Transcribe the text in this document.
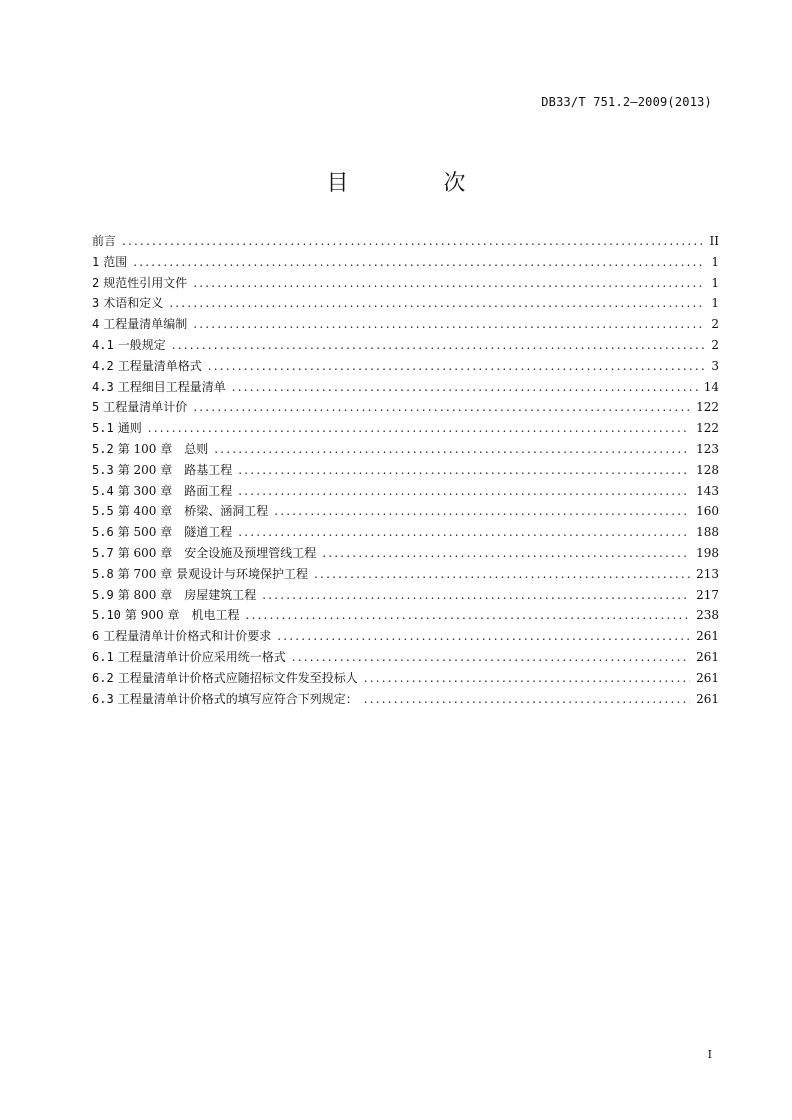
DB33/T 751.2—2009(2013)
目 次
前言 .....	II
1 范围 .....	1
2 规范性引用文件 .....	1
3 术语和定义 .....	1
4 工程量清单编制 .....	2
4.1 一般规定 .....	2
4.2 工程量清单格式 .....	3
4.3 工程细目工程量清单 .....	14
5 工程量清单计价 .....	122
5.1 通则 .....	122
5.2 第 100 章　总则 .....	123
5.3 第 200 章　路基工程 .....	128
5.4 第 300 章　路面工程 .....	143
5.5 第 400 章　桥梁、涵洞工程 .....	160
5.6 第 500 章　隧道工程 .....	188
5.7 第 600 章　安全设施及预埋管线工程 .....	198
5.8 第 700 章 景观设计与环境保护工程 .....	213
5.9 第 800 章　房屋建筑工程 .....	217
5.10 第 900 章　机电工程 .....	238
6 工程量清单计价格式和计价要求 .....	261
6.1 工程量清单计价应采用统一格式 .....	261
6.2 工程量清单计价格式应随招标文件发至投标人 .....	261
6.3 工程量清单计价格式的填写应符合下列规定： .....	261
I
